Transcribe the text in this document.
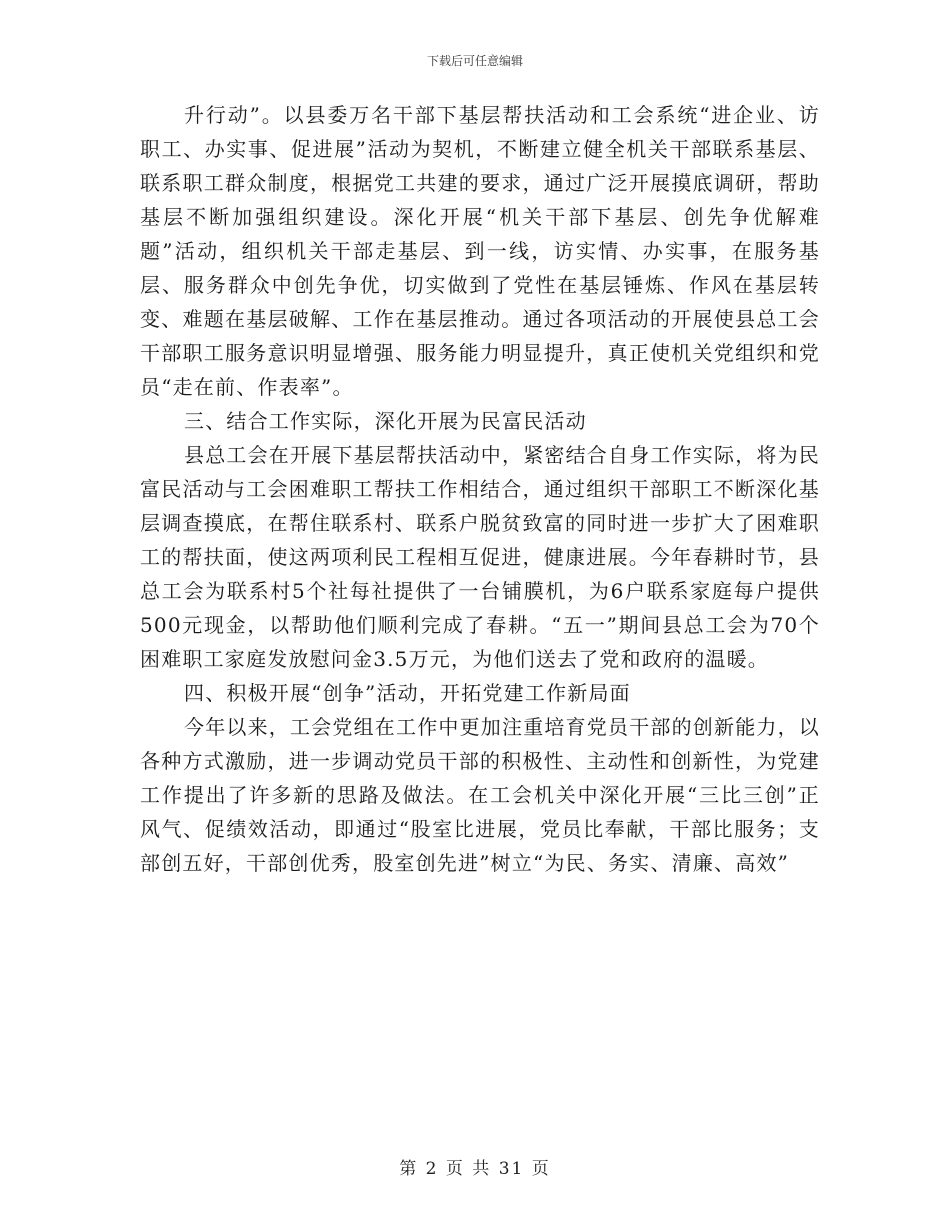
下载后可任意编辑

升行动”。以县委万名干部下基层帮扶活动和工会系统“进企业、访职工、办实事、促进展”活动为契机，不断建立健全机关干部联系基层、联系职工群众制度，根据党工共建的要求，通过广泛开展摸底调研，帮助基层不断加强组织建设。深化开展“机关干部下基层、创先争优解难题”活动，组织机关干部走基层、到一线，访实情、办实事，在服务基层、服务群众中创先争优，切实做到了党性在基层锤炼、作风在基层转变、难题在基层破解、工作在基层推动。通过各项活动的开展使县总工会干部职工服务意识明显增强、服务能力明显提升，真正使机关党组织和党员“走在前、作表率”。

三、结合工作实际，深化开展为民富民活动

县总工会在开展下基层帮扶活动中，紧密结合自身工作实际，将为民富民活动与工会困难职工帮扶工作相结合，通过组织干部职工不断深化基层调查摸底，在帮住联系村、联系户脱贫致富的同时进一步扩大了困难职工的帮扶面，使这两项利民工程相互促进，健康进展。今年春耕时节，县总工会为联系村5个社每社提供了一台铺膜机，为6户联系家庭每户提供500元现金，以帮助他们顺利完成了春耕。“五一”期间县总工会为70个困难职工家庭发放慰问金3.5万元，为他们送去了党和政府的温暖。

四、积极开展“创争”活动，开拓党建工作新局面

今年以来，工会党组在工作中更加注重培育党员干部的创新能力，以各种方式激励，进一步调动党员干部的积极性、主动性和创新性，为党建工作提出了许多新的思路及做法。在工会机关中深化开展“三比三创”正风气、促绩效活动，即通过“股室比进展，党员比奉献，干部比服务；支部创五好，干部创优秀，股室创先进”树立“为民、务实、清廉、高效”

第 2 页 共 31 页
